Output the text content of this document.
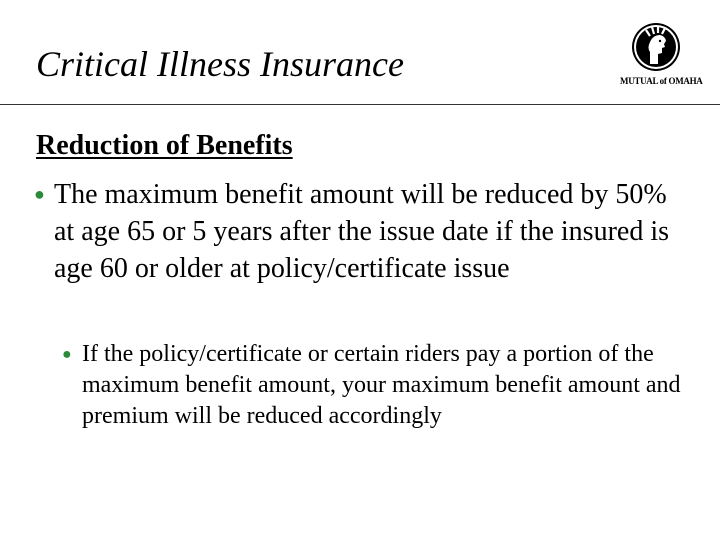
Critical Illness Insurance	MUTUAL of OMAHA
Reduction of Benefits
● The maximum benefit amount will be reduced by 50% at age 65 or 5 years after the issue date if the insured is age 60 or older at policy/certificate issue
● If the policy/certificate or certain riders pay a portion of the maximum benefit amount, your maximum benefit amount and premium will be reduced accordingly
